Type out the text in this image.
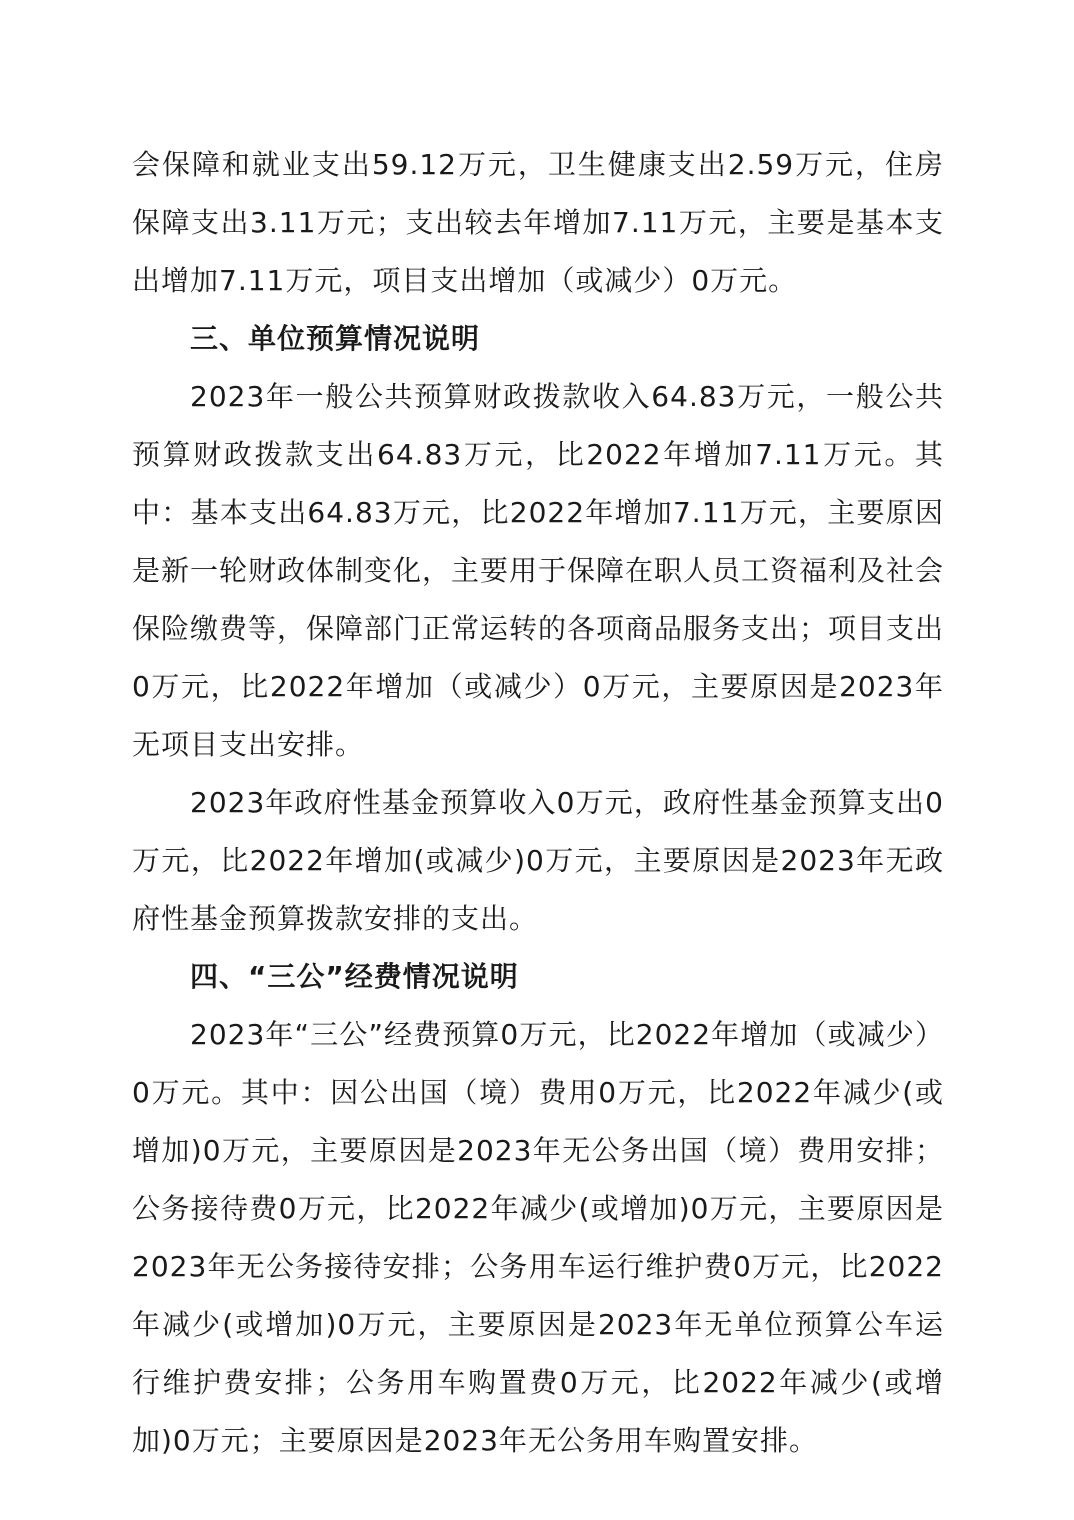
会保障和就业支出59.12万元，卫生健康支出2.59万元，住房保障支出3.11万元；支出较去年增加7.11万元，主要是基本支出增加7.11万元，项目支出增加（或减少）0万元。

三、单位预算情况说明

2023年一般公共预算财政拨款收入64.83万元，一般公共预算财政拨款支出64.83万元，比2022年增加7.11万元。其中：基本支出64.83万元，比2022年增加7.11万元，主要原因是新一轮财政体制变化，主要用于保障在职人员工资福利及社会保险缴费等，保障部门正常运转的各项商品服务支出；项目支出0万元，比2022年增加（或减少）0万元，主要原因是2023年无项目支出安排。

2023年政府性基金预算收入0万元，政府性基金预算支出0万元，比2022年增加(或减少)0万元，主要原因是2023年无政府性基金预算拨款安排的支出。

四、“三公”经费情况说明

2023年“三公”经费预算0万元，比2022年增加（或减少）0万元。其中：因公出国（境）费用0万元，比2022年减少(或增加)0万元，主要原因是2023年无公务出国（境）费用安排；公务接待费0万元，比2022年减少(或增加)0万元，主要原因是2023年无公务接待安排；公务用车运行维护费0万元，比2022年减少(或增加)0万元，主要原因是2023年无单位预算公车运行维护费安排；公务用车购置费0万元，比2022年减少(或增加)0万元；主要原因是2023年无公务用车购置安排。
